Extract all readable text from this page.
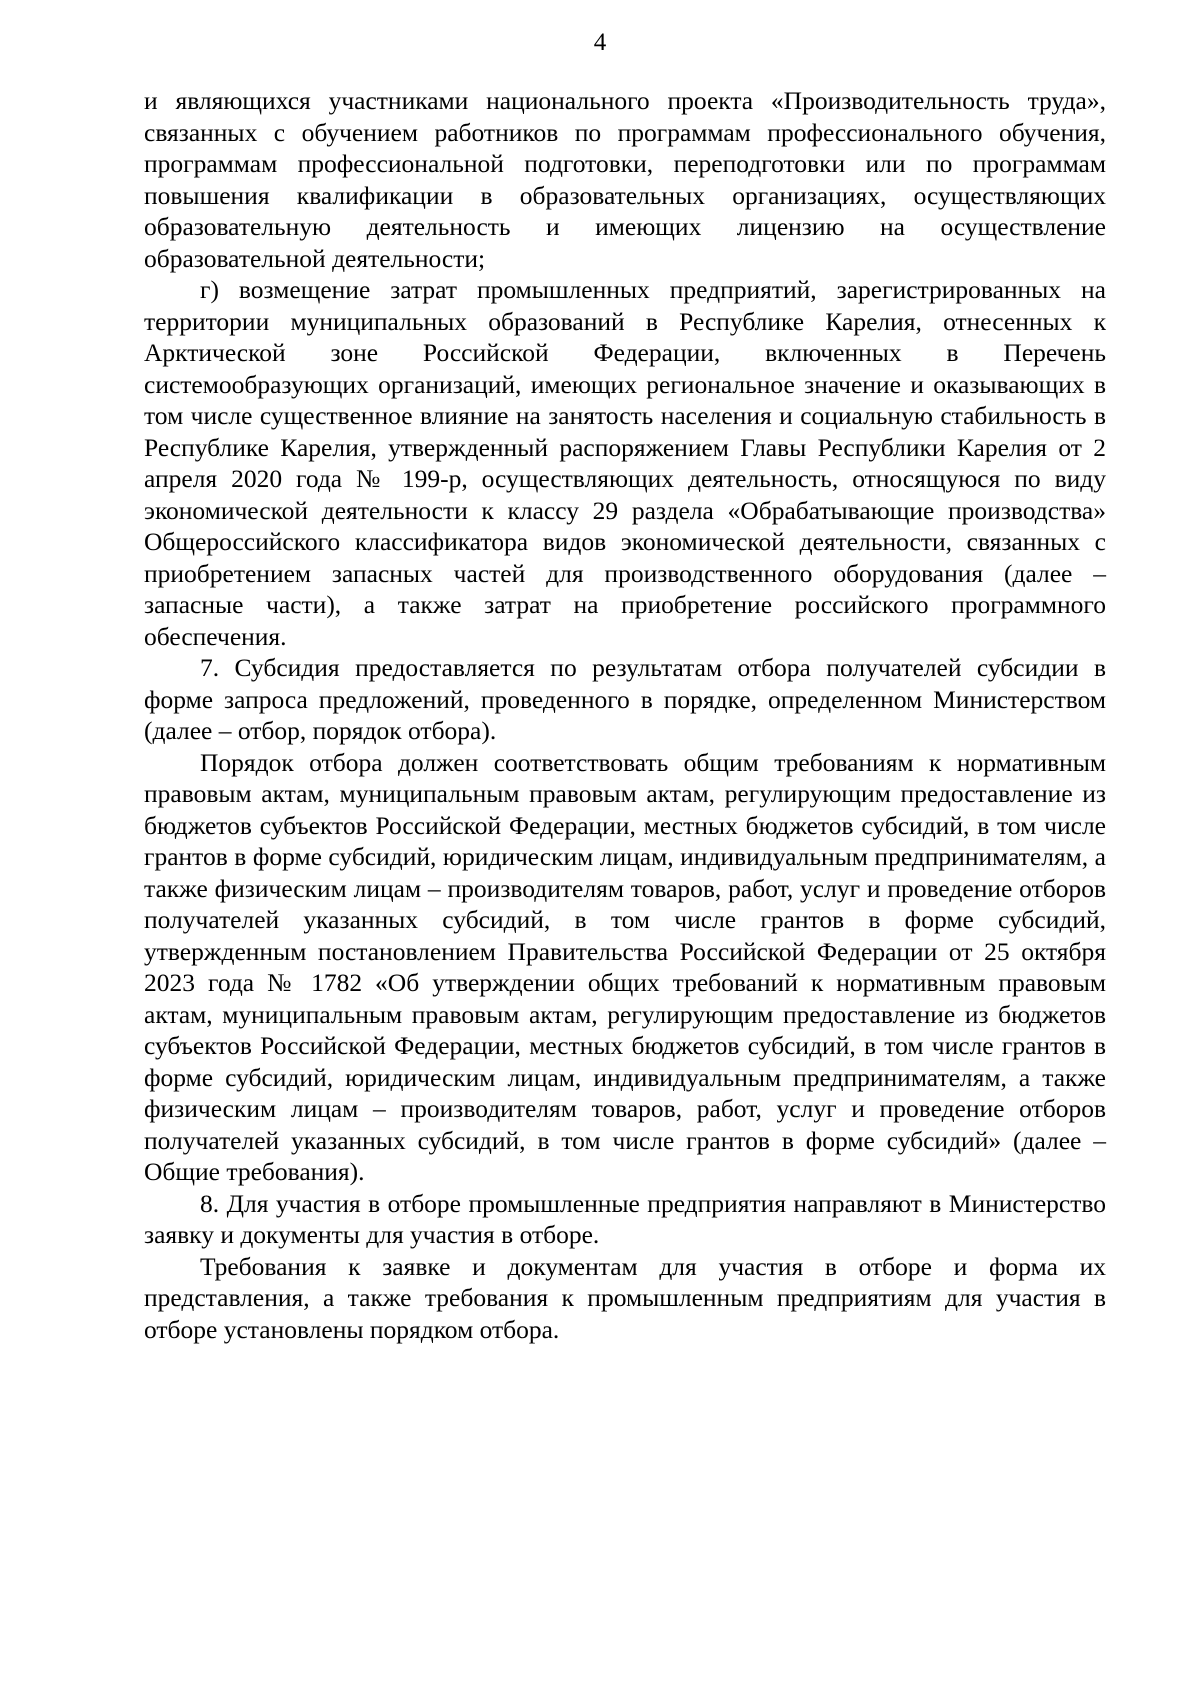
4

и являющихся участниками национального проекта «Производительность труда», связанных с обучением работников по программам профессионального обучения, программам профессиональной подготовки, переподготовки или по программам повышения квалификации в образовательных организациях, осуществляющих образовательную деятельность и имеющих лицензию на осуществление образовательной деятельности;

г) возмещение затрат промышленных предприятий, зарегистрированных на территории муниципальных образований в Республике Карелия, отнесенных к Арктической зоне Российской Федерации, включенных в Перечень системообразующих организаций, имеющих региональное значение и оказывающих в том числе существенное влияние на занятость населения и социальную стабильность в Республике Карелия, утвержденный распоряжением Главы Республики Карелия от 2 апреля 2020 года № 199-р, осуществляющих деятельность, относящуюся по виду экономической деятельности к классу 29 раздела «Обрабатывающие производства» Общероссийского классификатора видов экономической деятельности, связанных с приобретением запасных частей для производственного оборудования (далее – запасные части), а также затрат на приобретение российского программного обеспечения.

7. Субсидия предоставляется по результатам отбора получателей субсидии в форме запроса предложений, проведенного в порядке, определенном Министерством (далее – отбор, порядок отбора).

Порядок отбора должен соответствовать общим требованиям к нормативным правовым актам, муниципальным правовым актам, регулирующим предоставление из бюджетов субъектов Российской Федерации, местных бюджетов субсидий, в том числе грантов в форме субсидий, юридическим лицам, индивидуальным предпринимателям, а также физическим лицам – производителям товаров, работ, услуг и проведение отборов получателей указанных субсидий, в том числе грантов в форме субсидий, утвержденным постановлением Правительства Российской Федерации от 25 октября 2023 года № 1782 «Об утверждении общих требований к нормативным правовым актам, муниципальным правовым актам, регулирующим предоставление из бюджетов субъектов Российской Федерации, местных бюджетов субсидий, в том числе грантов в форме субсидий, юридическим лицам, индивидуальным предпринимателям, а также физическим лицам – производителям товаров, работ, услуг и проведение отборов получателей указанных субсидий, в том числе грантов в форме субсидий» (далее – Общие требования).

8. Для участия в отборе промышленные предприятия направляют в Министерство заявку и документы для участия в отборе.

Требования к заявке и документам для участия в отборе и форма их представления, а также требования к промышленным предприятиям для участия в отборе установлены порядком отбора.
